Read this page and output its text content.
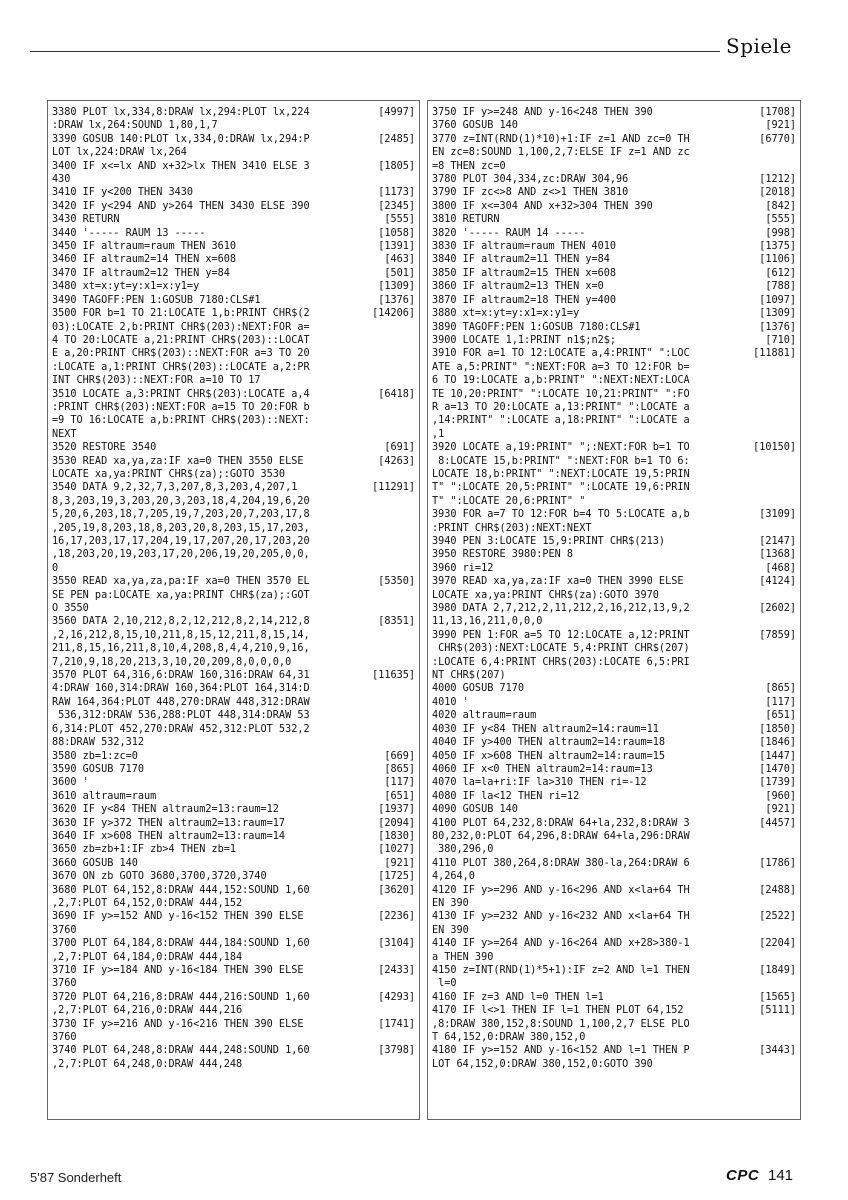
Spiele
3380 PLOT lx,334,8:DRAW lx,294:PLOT lx,224	[4997]
:DRAW lx,264:SOUND 1,80,1,7
3390 GOSUB 140:PLOT lx,334,0:DRAW lx,294:P	[2485]
LOT lx,224:DRAW lx,264
3400 IF x<=lx AND x+32>lx THEN 3410 ELSE 3	[1805]
430
3410 IF y<200 THEN 3430	[1173]
3420 IF y<294 AND y>264 THEN 3430 ELSE 390	[2345]
3430 RETURN	[555]
3440 '----- RAUM 13 -----	[1058]
3450 IF altraum=raum THEN 3610	[1391]
3460 IF altraum2=14 THEN x=608	[463]
3470 IF altraum2=12 THEN y=84	[501]
3480 xt=x:yt=y:x1=x:y1=y	[1309]
3490 TAGOFF:PEN 1:GOSUB 7180:CLS#1	[1376]
3500 FOR b=1 TO 21:LOCATE 1,b:PRINT CHR$(2	[14206]
03):LOCATE 2,b:PRINT CHR$(203):NEXT:FOR a=
4 TO 20:LOCATE a,21:PRINT CHR$(203)::LOCAT
E a,20:PRINT CHR$(203)::NEXT:FOR a=3 TO 20
:LOCATE a,1:PRINT CHR$(203)::LOCATE a,2:PR
INT CHR$(203)::NEXT:FOR a=10 TO 17
3510 LOCATE a,3:PRINT CHR$(203):LOCATE a,4	[6418]
:PRINT CHR$(203):NEXT:FOR a=15 TO 20:FOR b
=9 TO 16:LOCATE a,b:PRINT CHR$(203)::NEXT:
NEXT
3520 RESTORE 3540	[691]
3530 READ xa,ya,za:IF xa=0 THEN 3550 ELSE	[4263]
LOCATE xa,ya:PRINT CHR$(za);:GOTO 3530
3540 DATA 9,2,32,7,3,207,8,3,203,4,207,1	[11291]
8,3,203,19,3,203,20,3,203,18,4,204,19,6,20
5,20,6,203,18,7,205,19,7,203,20,7,203,17,8
,205,19,8,203,18,8,203,20,8,203,15,17,203,
16,17,203,17,17,204,19,17,207,20,17,203,20
,18,203,20,19,203,17,20,206,19,20,205,0,0,
0
3550 READ xa,ya,za,pa:IF xa=0 THEN 3570 EL	[5350]
SE PEN pa:LOCATE xa,ya:PRINT CHR$(za);:GOT
O 3550
3560 DATA 2,10,212,8,2,12,212,8,2,14,212,8	[8351]
,2,16,212,8,15,10,211,8,15,12,211,8,15,14,
211,8,15,16,211,8,10,4,208,8,4,4,210,9,16,
7,210,9,18,20,213,3,10,20,209,8,0,0,0,0
3570 PLOT 64,316,6:DRAW 160,316:DRAW 64,31	[11635]
4:DRAW 160,314:DRAW 160,364:PLOT 164,314:D
RAW 164,364:PLOT 448,270:DRAW 448,312:DRAW
536,312:DRAW 536,288:PLOT 448,314:DRAW 53
6,314:PLOT 452,270:DRAW 452,312:PLOT 532,2
88:DRAW 532,312
3580 zb=1:zc=0	[669]
3590 GOSUB 7170	[865]
3600 '	[117]
3610 altraum=raum	[651]
3620 IF y<84 THEN altraum2=13:raum=12	[1937]
3630 IF y>372 THEN altraum2=13:raum=17	[2094]
3640 IF x>608 THEN altraum2=13:raum=14	[1830]
3650 zb=zb+1:IF zb>4 THEN zb=1	[1027]
3660 GOSUB 140	[921]
3670 ON zb GOTO 3680,3700,3720,3740	[1725]
3680 PLOT 64,152,8:DRAW 444,152:SOUND 1,60	[3620]
,2,7:PLOT 64,152,0:DRAW 444,152
3690 IF y>=152 AND y-16<152 THEN 390 ELSE	[2236]
3760
3700 PLOT 64,184,8:DRAW 444,184:SOUND 1,60	[3104]
,2,7:PLOT 64,184,0:DRAW 444,184
3710 IF y>=184 AND y-16<184 THEN 390 ELSE	[2433]
3760
3720 PLOT 64,216,8:DRAW 444,216:SOUND 1,60	[4293]
,2,7:PLOT 64,216,0:DRAW 444,216
3730 IF y>=216 AND y-16<216 THEN 390 ELSE	[1741]
3760
3740 PLOT 64,248,8:DRAW 444,248:SOUND 1,60	[3798]
,2,7:PLOT 64,248,0:DRAW 444,248
3750 IF y>=248 AND y-16<248 THEN 390	[1708]
3760 GOSUB 140	[921]
3770 z=INT(RND(1)*10)+1:IF z=1 AND zc=0 TH	[6770]
EN zc=8:SOUND 1,100,2,7:ELSE IF z=1 AND zc
=8 THEN zc=0
3780 PLOT 304,334,zc:DRAW 304,96	[1212]
3790 IF zc<>8 AND z<>1 THEN 3810	[2018]
3800 IF x<=304 AND x+32>304 THEN 390	[842]
3810 RETURN	[555]
3820 '----- RAUM 14 -----	[998]
3830 IF altraum=raum THEN 4010	[1375]
3840 IF altraum2=11 THEN y=84	[1106]
3850 IF altraum2=15 THEN x=608	[612]
3860 IF altraum2=13 THEN x=0	[788]
3870 IF altraum2=18 THEN y=400	[1097]
3880 xt=x:yt=y:x1=x:y1=y	[1309]
3890 TAGOFF:PEN 1:GOSUB 7180:CLS#1	[1376]
3900 LOCATE 1,1:PRINT n1$;n2$;	[710]
3910 FOR a=1 TO 12:LOCATE a,4:PRINT" ":LOC	[11881]
ATE a,5:PRINT" ":NEXT:FOR a=3 TO 12:FOR b=
6 TO 19:LOCATE a,b:PRINT" ":NEXT:NEXT:LOCA
TE 10,20:PRINT" ":LOCATE 10,21:PRINT" ":FO
R a=13 TO 20:LOCATE a,13:PRINT" ":LOCATE a
,14:PRINT" ":LOCATE a,18:PRINT" ":LOCATE a
,1
3920 LOCATE a,19:PRINT" ";:NEXT:FOR b=1 TO	[10150]
8:LOCATE 15,b:PRINT" ":NEXT:FOR b=1 TO 6:
LOCATE 18,b:PRINT" ":NEXT:LOCATE 19,5:PRIN
T" ":LOCATE 20,5:PRINT" ":LOCATE 19,6:PRIN
T" ":LOCATE 20,6:PRINT" "
3930 FOR a=7 TO 12:FOR b=4 TO 5:LOCATE a,b	[3109]
:PRINT CHR$(203):NEXT:NEXT
3940 PEN 3:LOCATE 15,9:PRINT CHR$(213)	[2147]
3950 RESTORE 3980:PEN 8	[1368]
3960 ri=12	[468]
3970 READ xa,ya,za:IF xa=0 THEN 3990 ELSE	[4124]
LOCATE xa,ya:PRINT CHR$(za):GOTO 3970
3980 DATA 2,7,212,2,11,212,2,16,212,13,9,2	[2602]
11,13,16,211,0,0,0
3990 PEN 1:FOR a=5 TO 12:LOCATE a,12:PRINT	[7859]
CHR$(203):NEXT:LOCATE 5,4:PRINT CHR$(207)
:LOCATE 6,4:PRINT CHR$(203):LOCATE 6,5:PRI
NT CHR$(207)
4000 GOSUB 7170	[865]
4010 '	[117]
4020 altraum=raum	[651]
4030 IF y<84 THEN altraum2=14:raum=11	[1850]
4040 IF y>400 THEN altraum2=14:raum=18	[1846]
4050 IF x>608 THEN altraum2=14:raum=15	[1447]
4060 IF x<0 THEN altraum2=14:raum=13	[1470]
4070 la=la+ri:IF la>310 THEN ri=-12	[1739]
4080 IF la<12 THEN ri=12	[960]
4090 GOSUB 140	[921]
4100 PLOT 64,232,8:DRAW 64+la,232,8:DRAW 3	[4457]
80,232,0:PLOT 64,296,8:DRAW 64+la,296:DRAW
380,296,0
4110 PLOT 380,264,8:DRAW 380-la,264:DRAW 6	[1786]
4,264,0
4120 IF y>=296 AND y-16<296 AND x<la+64 TH	[2488]
EN 390
4130 IF y>=232 AND y-16<232 AND x<la+64 TH	[2522]
EN 390
4140 IF y>=264 AND y-16<264 AND x+28>380-1	[2204]
a THEN 390
4150 z=INT(RND(1)*5+1):IF z=2 AND l=1 THEN	[1849]
l=0
4160 IF z=3 AND l=0 THEN l=1	[1565]
4170 IF l<>1 THEN IF l=1 THEN PLOT 64,152	[5111]
,8:DRAW 380,152,8:SOUND 1,100,2,7 ELSE PLO
T 64,152,0:DRAW 380,152,0
4180 IF y>=152 AND y-16<152 AND l=1 THEN P	[3443]
LOT 64,152,0:DRAW 380,152,0:GOTO 390
5'87 Sonderheft	CPC 141
